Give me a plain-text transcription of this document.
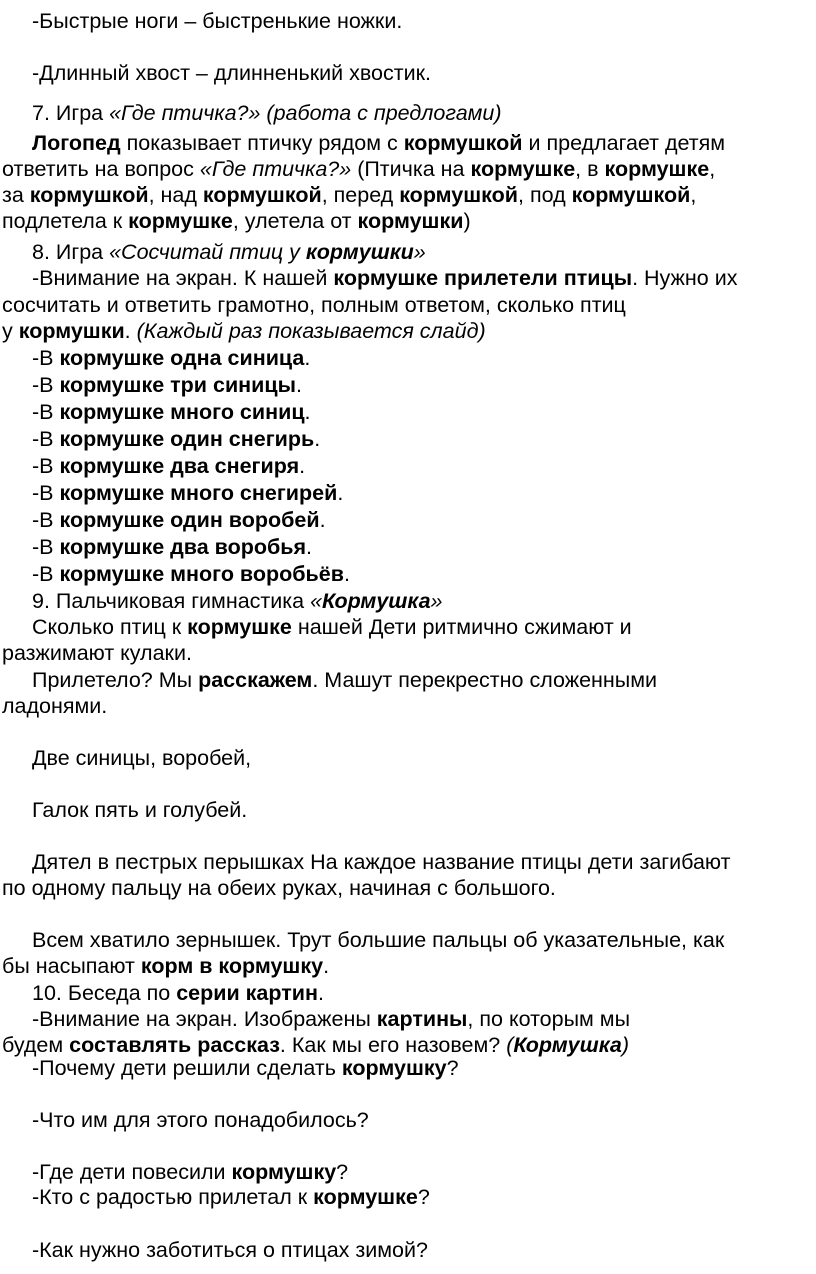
-Быстрые ноги – быстренькие ножки.
-Длинный хвост – длинненький хвостик.
7. Игра «Где птичка?» (работа с предлогами)
Логопед показывает птичку рядом с кормушкой и предлагает детям
ответить на вопрос «Где птичка?» (Птичка на кормушке, в кормушке,
за кормушкой, над кормушкой, перед кормушкой, под кормушкой,
подлетела к кормушке, улетела от кормушки)
8. Игра «Сосчитай птиц у кормушки»
-Внимание на экран. К нашей кормушке прилетели птицы. Нужно их
сосчитать и ответить грамотно, полным ответом, сколько птиц
у кормушки. (Каждый раз показывается слайд)
-В кормушке одна синица.
-В кормушке три синицы.
-В кормушке много синиц.
-В кормушке один снегирь.
-В кормушке два снегиря.
-В кормушке много снегирей.
-В кормушке один воробей.
-В кормушке два воробья.
-В кормушке много воробьёв.
9. Пальчиковая гимнастика «Кормушка»
Сколько птиц к кормушке нашей Дети ритмично сжимают и
разжимают кулаки.
Прилетело? Мы расскажем. Машут перекрестно сложенными
ладонями.
Две синицы, воробей,
Галок пять и голубей.
Дятел в пестрых перышках На каждое название птицы дети загибают
по одному пальцу на обеих руках, начиная с большого.
Всем хватило зернышек. Трут большие пальцы об указательные, как
бы насыпают корм в кормушку.
10. Беседа по серии картин.
-Внимание на экран. Изображены картины, по которым мы
будем составлять рассказ. Как мы его назовем? (Кормушка)
-Почему дети решили сделать кормушку?
-Что им для этого понадобилось?
-Где дети повесили кормушку?
-Кто с радостью прилетал к кормушке?
-Как нужно заботиться о птицах зимой?
